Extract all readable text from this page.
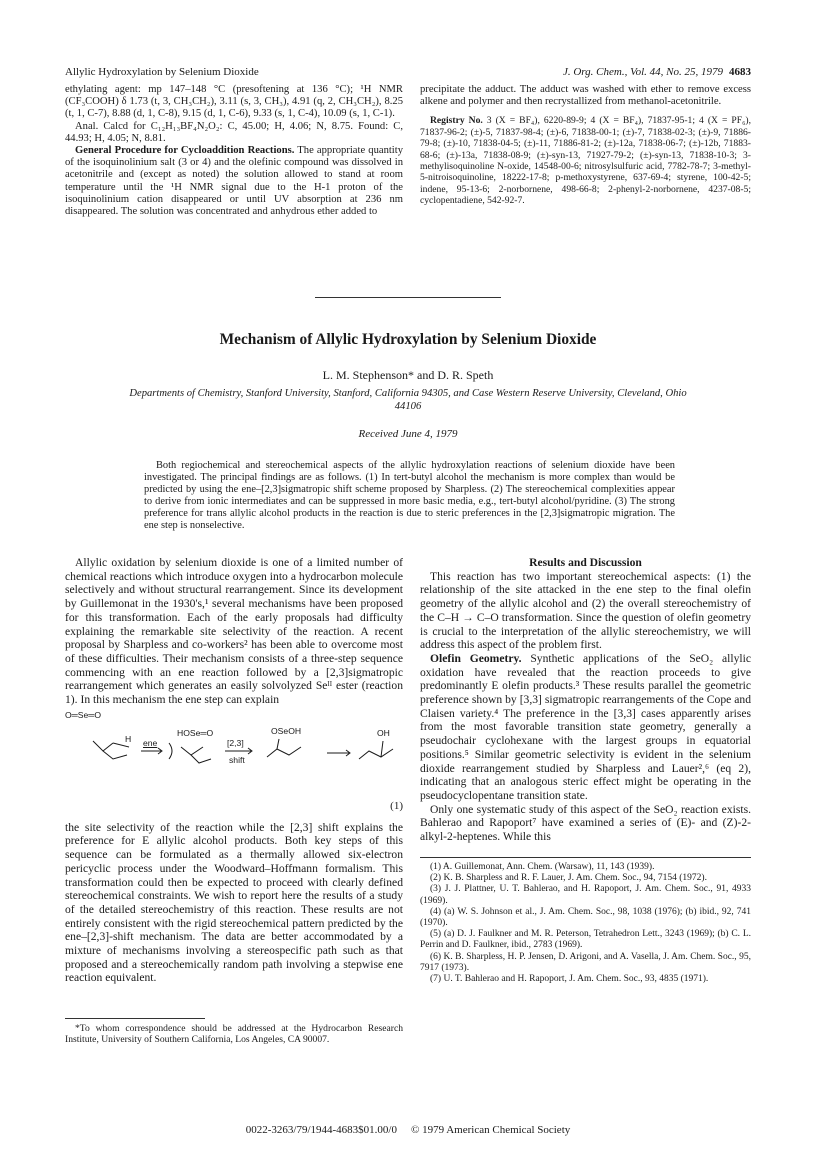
Allylic Hydroxylation by Selenium Dioxide	J. Org. Chem., Vol. 44, No. 25, 1979 4683

ethylating agent: mp 147–148 °C (presoftening at 136 °C); ¹H NMR (CF₃COOH) δ 1.73 (t, 3, CH₃CH₂), 3.11 (s, 3, CH₃), 4.91 (q, 2, CH₃CH₂), 8.25 (t, 1, C-7), 8.88 (d, 1, C-8), 9.15 (d, 1, C-6), 9.33 (s, 1, C-4), 10.09 (s, 1, C-1).

Anal. Calcd for C₁₂H₁₃BF₄N₂O₂: C, 45.00; H, 4.06; N, 8.75. Found: C, 44.93; H, 4.05; N, 8.81.

General Procedure for Cycloaddition Reactions. The appropriate quantity of the isoquinolinium salt (3 or 4) and the olefinic compound was dissolved in acetonitrile and (except as noted) the solution allowed to stand at room temperature until the ¹H NMR signal due to the H-1 proton of the isoquinolinium cation disappeared or until UV absorption at 236 nm disappeared. The solution was concentrated and anhydrous ether added to

precipitate the adduct. The adduct was washed with ether to remove excess alkene and polymer and then recrystallized from methanol-acetonitrile.

Registry No. 3 (X = BF₄), 6220-89-9; 4 (X = BF₄), 71837-95-1; 4 (X = PF₆), 71837-96-2; (±)-5, 71837-98-4; (±)-6, 71838-00-1; (±)-7, 71838-02-3; (±)-9, 71886-79-8; (±)-10, 71838-04-5; (±)-11, 71886-81-2; (±)-12a, 71838-06-7; (±)-12b, 71883-68-6; (±)-13a, 71838-08-9; (±)-syn-13, 71927-79-2; (±)-syn-13, 71838-10-3; 3-methylisoquinoline N-oxide, 14548-00-6; nitrosylsulfuric acid, 7782-78-7; 3-methyl-5-nitroisoquinoline, 18222-17-8; p-methoxystyrene, 637-69-4; styrene, 100-42-5; indene, 95-13-6; 2-norbornene, 498-66-8; 2-phenyl-2-norbornene, 4237-08-5; cyclopentadiene, 542-92-7.

Mechanism of Allylic Hydroxylation by Selenium Dioxide
L. M. Stephenson* and D. R. Speth
Departments of Chemistry, Stanford University, Stanford, California 94305, and Case Western Reserve University, Cleveland, Ohio 44106
Received June 4, 1979

Both regiochemical and stereochemical aspects of the allylic hydroxylation reactions of selenium dioxide have been investigated. The principal findings are as follows. (1) In tert-butyl alcohol the mechanism is more complex than would be predicted by using the ene–[2,3]sigmatropic shift scheme proposed by Sharpless. (2) The stereochemical complexities appear to derive from ionic intermediates and can be suppressed in more basic media, e.g., tert-butyl alcohol/pyridine. (3) The strong preference for trans allylic alcohol products in the reaction is due to steric preferences in the [2,3]sigmatropic migration. The ene step is nonselective.

Allylic oxidation by selenium dioxide is one of a limited number of chemical reactions which introduce oxygen into a hydrocarbon molecule selectively and without structural rearrangement. Since its development by Guillemonat in the 1930's,¹ several mechanisms have been proposed for this transformation. Each of the early proposals had difficulty explaining the remarkable site selectivity of the reaction. A recent proposal by Sharpless and co-workers² has been able to overcome most of these difficulties. Their mechanism consists of a three-step sequence commencing with an ene reaction followed by a [2,3]sigmatropic rearrangement which generates an easily solvolyzed Seᴵᴵ ester (reaction 1). In this mechanism the ene step can explain

O═Se═O
H ene
HOSe═O
[2,3]
shift
OSeOH	OH
(1)

the site selectivity of the reaction while the [2,3] shift explains the preference for E allylic alcohol products. Both key steps of this sequence can be formulated as a thermally allowed six-electron pericyclic process under the Woodward–Hoffmann formalism. This transformation could then be expected to proceed with clearly defined stereochemical constraints. We wish to report here the results of a study of the detailed stereochemistry of this reaction. These results are not entirely consistent with the rigid stereochemical pattern predicted by the ene–[2,3]-shift mechanism. The data are better accommodated by a mixture of mechanisms involving a stereospecific path such as that proposed and a stereochemically random path involving a stepwise ene reaction equivalent.

Results and Discussion

This reaction has two important stereochemical aspects: (1) the relationship of the site attacked in the ene step to the final olefin geometry of the allylic alcohol and (2) the overall stereochemistry of the C–H → C–O transformation. Since the question of olefin geometry is crucial to the interpretation of the allylic stereochemistry, we will address this aspect of the problem first.

Olefin Geometry. Synthetic applications of the SeO₂ allylic oxidation have revealed that the reaction proceeds to give predominantly E olefin products.³ These results parallel the geometric preference shown by [3,3] sigmatropic rearrangements of the Cope and Claisen variety.⁴ The preference in the [3,3] cases apparently arises from the most favorable transition state geometry, generally a pseudochair cyclohexane with the largest groups in equatorial positions.⁵ Similar geometric selectivity is evident in the selenium dioxide rearrangement studied by Sharpless and Lauer²,⁶ (eq 2), indicating that an analogous steric effect might be operating in the pseudocyclopentane transition state.

Only one systematic study of this aspect of the SeO₂ reaction exists. Bahlerao and Rapoport⁷ have examined a series of (E)- and (Z)-2-alkyl-2-heptenes. While this

(1) A. Guillemonat, Ann. Chem. (Warsaw), 11, 143 (1939).

(2) K. B. Sharpless and R. F. Lauer, J. Am. Chem. Soc., 94, 7154 (1972).

(3) J. J. Plattner, U. T. Bahlerao, and H. Rapoport, J. Am. Chem. Soc., 91, 4933 (1969).

(4) (a) W. S. Johnson et al., J. Am. Chem. Soc., 98, 1038 (1976); (b) ibid., 92, 741 (1970).

(5) (a) D. J. Faulkner and M. R. Peterson, Tetrahedron Lett., 3243 (1969); (b) C. L. Perrin and D. Faulkner, ibid., 2783 (1969).

(6) K. B. Sharpless, H. P. Jensen, D. Arigoni, and A. Vasella, J. Am. Chem. Soc., 95, 7917 (1973).

(7) U. T. Bahlerao and H. Rapoport, J. Am. Chem. Soc., 93, 4835 (1971).

*To whom correspondence should be addressed at the Hydrocarbon Research Institute, University of Southern California, Los Angeles, CA 90007.
0022-3263/79/1944-4683$01.00/0 © 1979 American Chemical Society
